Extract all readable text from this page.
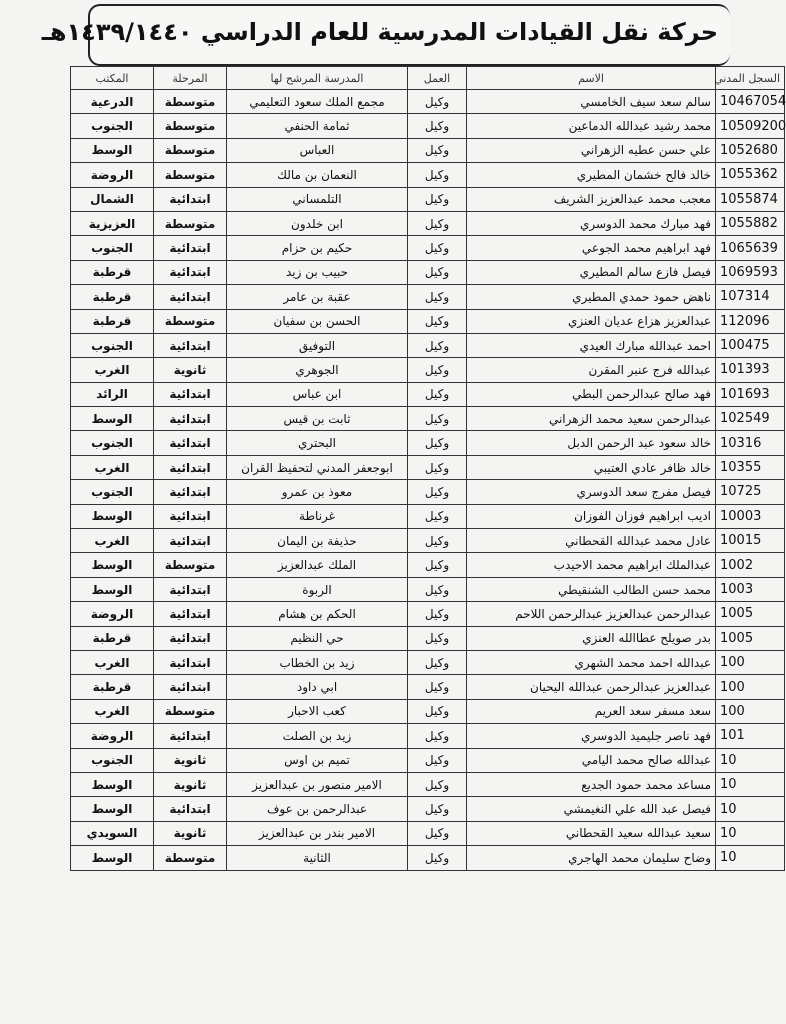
حركة نقل القيادات المدرسية للعام الدراسي ١٤٣٩/١٤٤٠هـ
السجل المدني	الاسم	العمل	المدرسة المرشح لها	المرحلة	المكتب
10467054	سالم سعد سيف الخامسي	وكيل	مجمع الملك سعود التعليمي	متوسطة	الدرعية
10509200	محمد رشيد عبدالله الدماعين	وكيل	ثمامة الحنفي	متوسطة	الجنوب
1052680	علي حسن عطيه الزهراني	وكيل	العباس	متوسطة	الوسط
1055362	خالد فالح خشمان المطيري	وكيل	النعمان بن مالك	متوسطة	الروضة
1055874	معجب محمد عبدالعزيز الشريف	وكيل	التلمساني	ابتدائية	الشمال
1055882	فهد مبارك محمد الدوسري	وكيل	ابن خلدون	متوسطة	العزيزية
1065639	فهد ابراهيم محمد الجوعي	وكيل	حكيم بن حزام	ابتدائية	الجنوب
1069593	فيصل فازع سالم المطيري	وكيل	حبيب بن زيد	ابتدائية	قرطبة
107314	ناهض حمود حمدي المطيري	وكيل	عقبة بن عامر	ابتدائية	قرطبة
112096	عبدالعزيز هزاع عديان العنزي	وكيل	الحسن بن سفيان	متوسطة	قرطبة
100475	احمد عبدالله مبارك العيدي	وكيل	التوفيق	ابتدائية	الجنوب
101393	عبدالله فرج عنبر المقرن	وكيل	الجوهري	ثانوية	الغرب
101693	فهد صالح عبدالرحمن البطي	وكيل	ابن عباس	ابتدائية	الرائد
102549	عبدالرحمن سعيد محمد الزهراني	وكيل	ثابت بن قيس	ابتدائية	الوسط
10316	خالد سعود عبد الرحمن الدبل	وكيل	البحتري	ابتدائية	الجنوب
10355	خالد ظافر عادي العتيبي	وكيل	ابوجعفر المدني لتحفيظ القران	ابتدائية	الغرب
10725	فيصل مفرج سعد الدوسري	وكيل	معوذ بن عمرو	ابتدائية	الجنوب
10003	اديب ابراهيم فوزان الفوزان	وكيل	غرناطة	ابتدائية	الوسط
10015	عادل محمد عبدالله القحطاني	وكيل	حذيفة بن اليمان	ابتدائية	الغرب
1002	عبدالملك ابراهيم محمد الاحيدب	وكيل	الملك عبدالعزيز	متوسطة	الوسط
1003	محمد حسن الطالب الشنقيطي	وكيل	الربوة	ابتدائية	الوسط
1005	عبدالرحمن عبدالعزيز عبدالرحمن اللاحم	وكيل	الحكم بن هشام	ابتدائية	الروضة
1005	بدر صويلح عطاالله العنزي	وكيل	حي النظيم	ابتدائية	قرطبة
100	عبدالله احمد محمد الشهري	وكيل	زيد بن الخطاب	ابتدائية	الغرب
100	عبدالعزيز عبدالرحمن عبدالله اليحيان	وكيل	ابي داود	ابتدائية	قرطبة
100	سعد مسفر سعد العريم	وكيل	كعب الاحبار	متوسطة	الغرب
101	فهد ناصر جليميد الدوسري	وكيل	زيد بن الصلت	ابتدائية	الروضة
10	عبدالله صالح محمد اليامي	وكيل	تميم بن اوس	ثانوية	الجنوب
10	مساعد محمد حمود الجديع	وكيل	الامير منصور بن عبدالعزيز	ثانوية	الوسط
10	فيصل عبد الله علي النغيمشي	وكيل	عبدالرحمن بن عوف	ابتدائية	الوسط
10	سعيد عبدالله سعيد القحطاني	وكيل	الامير بندر بن عبدالعزيز	ثانوية	السويدي
10	وضاح سليمان محمد الهاجري	وكيل	الثانية	متوسطة	الوسط
